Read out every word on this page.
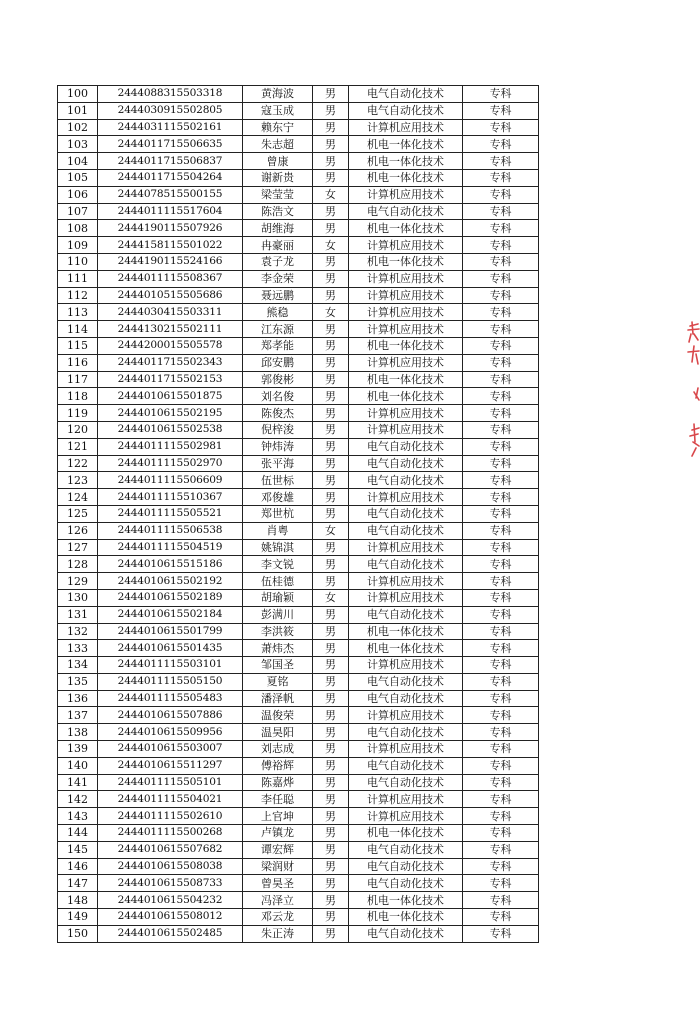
100	2444088315503318	黄海波	男	电气自动化技术	专科
101	2444030915502805	寇玉成	男	电气自动化技术	专科
102	2444031115502161	赖东宁	男	计算机应用技术	专科
103	2444011715506635	朱志超	男	机电一体化技术	专科
104	2444011715506837	曾康	男	机电一体化技术	专科
105	2444011715504264	谢新贵	男	机电一体化技术	专科
106	2444078515500155	梁莹莹	女	计算机应用技术	专科
107	2444011115517604	陈浩文	男	电气自动化技术	专科
108	2444190115507926	胡维海	男	机电一体化技术	专科
109	2444158115501022	冉豪丽	女	计算机应用技术	专科
110	2444190115524166	袁子龙	男	机电一体化技术	专科
111	2444011115508367	李金荣	男	计算机应用技术	专科
112	2444010515505686	聂远鹏	男	计算机应用技术	专科
113	2444030415503311	熊稳	女	计算机应用技术	专科
114	2444130215502111	江东源	男	计算机应用技术	专科
115	2444200015505578	郑孝能	男	机电一体化技术	专科
116	2444011715502343	邱安鹏	男	计算机应用技术	专科
117	2444011715502153	郭俊彬	男	机电一体化技术	专科
118	2444010615501875	刘名俊	男	机电一体化技术	专科
119	2444010615502195	陈俊杰	男	计算机应用技术	专科
120	2444010615502538	倪梓浚	男	计算机应用技术	专科
121	2444011115502981	钟炜涛	男	电气自动化技术	专科
122	2444011115502970	张平海	男	电气自动化技术	专科
123	2444011115506609	伍世标	男	电气自动化技术	专科
124	2444011115510367	邓俊雄	男	计算机应用技术	专科
125	2444011115505521	郑世杭	男	电气自动化技术	专科
126	2444011115506538	肖粤	女	电气自动化技术	专科
127	2444011115504519	姚锦淇	男	计算机应用技术	专科
128	2444010615515186	李文锐	男	电气自动化技术	专科
129	2444010615502192	伍桂德	男	计算机应用技术	专科
130	2444010615502189	胡瑜颖	女	计算机应用技术	专科
131	2444010615502184	彭满川	男	电气自动化技术	专科
132	2444010615501799	李洪筱	男	机电一体化技术	专科
133	2444010615501435	萧炜杰	男	机电一体化技术	专科
134	2444011115503101	邹国圣	男	计算机应用技术	专科
135	2444011115505150	夏铭	男	电气自动化技术	专科
136	2444011115505483	潘泽帆	男	电气自动化技术	专科
137	2444010615507886	温俊荣	男	计算机应用技术	专科
138	2444010615509956	温昊阳	男	电气自动化技术	专科
139	2444010615503007	刘志成	男	计算机应用技术	专科
140	2444010615511297	傅裕辉	男	电气自动化技术	专科
141	2444011115505101	陈嘉烨	男	电气自动化技术	专科
142	2444011115504021	李任聪	男	计算机应用技术	专科
143	2444011115502610	上官坤	男	计算机应用技术	专科
144	2444011115500268	卢镇龙	男	机电一体化技术	专科
145	2444010615507682	谭宏辉	男	电气自动化技术	专科
146	2444010615508038	梁润财	男	电气自动化技术	专科
147	2444010615508733	曾昊圣	男	电气自动化技术	专科
148	2444010615504232	冯泽立	男	机电一体化技术	专科
149	2444010615508012	邓云龙	男	机电一体化技术	专科
150	2444010615502485	朱正涛	男	电气自动化技术	专科
